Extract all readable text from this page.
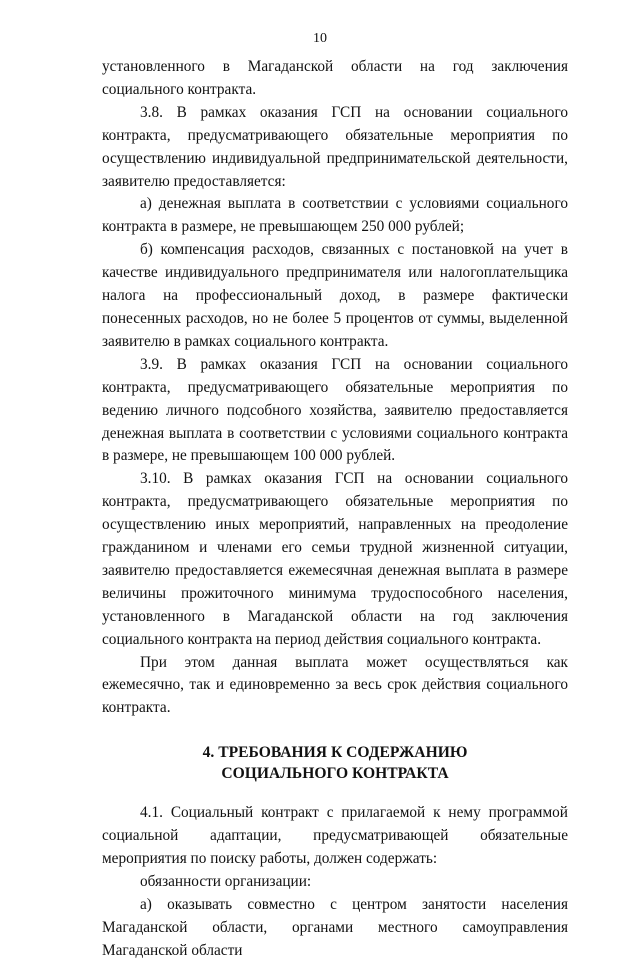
10

установленного в Магаданской области на год заключения социального контракта.

3.8. В рамках оказания ГСП на основании социального контракта, предусматривающего обязательные мероприятия по осуществлению индивидуальной предпринимательской деятельности, заявителю предоставляется:

а) денежная выплата в соответствии с условиями социального контракта в размере, не превышающем 250 000 рублей;

б) компенсация расходов, связанных с постановкой на учет в качестве индивидуального предпринимателя или налогоплательщика налога на профессиональный доход, в размере фактически понесенных расходов, но не более 5 процентов от суммы, выделенной заявителю в рамках социального контракта.

3.9. В рамках оказания ГСП на основании социального контракта, предусматривающего обязательные мероприятия по ведению личного подсобного хозяйства, заявителю предоставляется денежная выплата в соответствии с условиями социального контракта в размере, не превышающем 100 000 рублей.

3.10. В рамках оказания ГСП на основании социального контракта, предусматривающего обязательные мероприятия по осуществлению иных мероприятий, направленных на преодоление гражданином и членами его семьи трудной жизненной ситуации, заявителю предоставляется ежемесячная денежная выплата в размере величины прожиточного минимума трудоспособного населения, установленного в Магаданской области на год заключения социального контракта на период действия социального контракта.

При этом данная выплата может осуществляться как ежемесячно, так и единовременно за весь срок действия социального контракта.

4. ТРЕБОВАНИЯ К СОДЕРЖАНИЮ
СОЦИАЛЬНОГО КОНТРАКТА

4.1. Социальный контракт с прилагаемой к нему программой социальной адаптации, предусматривающей обязательные мероприятия по поиску работы, должен содержать:

обязанности организации:

а) оказывать совместно с центром занятости населения Магаданской области, органами местного самоуправления Магаданской области
